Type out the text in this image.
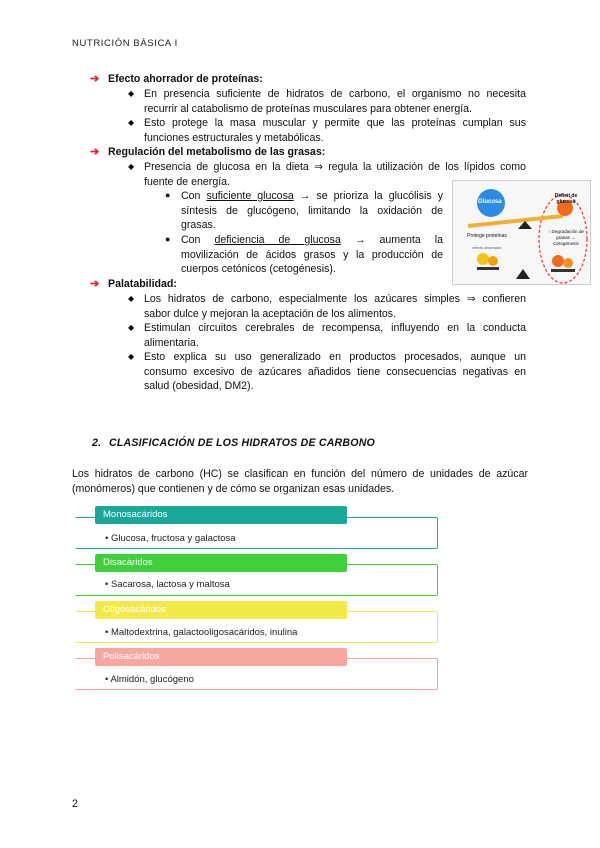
NUTRICIÓN BÁSICA I
➔ Efecto ahorrador de proteínas:
◆ En presencia suficiente de hidratos de carbono, el organismo no necesita
recurrir al catabolismo de proteínas musculares para obtener energía.
◆ Esto protege la masa muscular y permite que las proteínas cumplan sus
funciones estructurales y metabólicas.
➔ Regulación del metabolismo de las grasas:
◆ Presencia de glucosa en la dieta ⇒ regula la utilización de los lípidos como
fuente de energía.
● Con suficiente glucosa → se prioriza la glucólisis y
síntesis de glucógeno, limitando la oxidación de
grasas.
● Con deficiencia de glucosa → aumenta la
movilización de ácidos grasos y la producción de
cuerpos cetónicos (cetogénesis).
Glucosa
Déficit de glucosa
Protege proteínas
efecto ahorrador
↑ Degradación de grasas → Cetogénesis
➔ Palatabilidad:
◆ Los hidratos de carbono, especialmente los azúcares simples ⇒ confieren
sabor dulce y mejoran la aceptación de los alimentos.
◆ Estimulan circuitos cerebrales de recompensa, influyendo en la conducta
alimentaria.
◆ Esto explica su uso generalizado en productos procesados, aunque un
consumo excesivo de azúcares añadidos tiene consecuencias negativas en
salud (obesidad, DM2).
2. CLASIFICACIÓN DE LOS HIDRATOS DE CARBONO
Los hidratos de carbono (HC) se clasifican en función del número de unidades de azúcar
(monómeros) que contienen y de cómo se organizan esas unidades.
Monosacáridos
• Glucosa, fructosa y galactosa
Disacáridos
• Sacarosa, lactosa y maltosa
Oligosacáridos
• Maltodextrina, galactooligosacáridos, inulina
Polisacáridos
• Almidón, glucógeno
2
